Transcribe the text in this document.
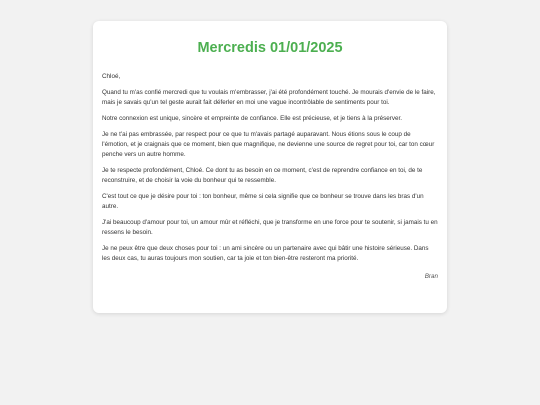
Mercredis 01/01/2025

Chloé,

Quand tu m'as confié mercredi que tu voulais m'embrasser, j'ai été profondément touché. Je mourais d'envie de le faire, mais je savais qu'un tel geste aurait fait déferler en moi une vague incontrôlable de sentiments pour toi.

Notre connexion est unique, sincère et empreinte de confiance. Elle est précieuse, et je tiens à la préserver.

Je ne t'ai pas embrassée, par respect pour ce que tu m'avais partagé auparavant. Nous étions sous le coup de l'émotion, et je craignais que ce moment, bien que magnifique, ne devienne une source de regret pour toi, car ton cœur penche vers un autre homme.

Je te respecte profondément, Chloé. Ce dont tu as besoin en ce moment, c'est de reprendre confiance en toi, de te reconstruire, et de choisir la voie du bonheur qui te ressemble.

C'est tout ce que je désire pour toi : ton bonheur, même si cela signifie que ce bonheur se trouve dans les bras d'un autre.

J'ai beaucoup d'amour pour toi, un amour mûr et réfléchi, que je transforme en une force pour te soutenir, si jamais tu en ressens le besoin.

Je ne peux être que deux choses pour toi : un ami sincère ou un partenaire avec qui bâtir une histoire sérieuse. Dans les deux cas, tu auras toujours mon soutien, car ta joie et ton bien-être resteront ma priorité.

Bran
